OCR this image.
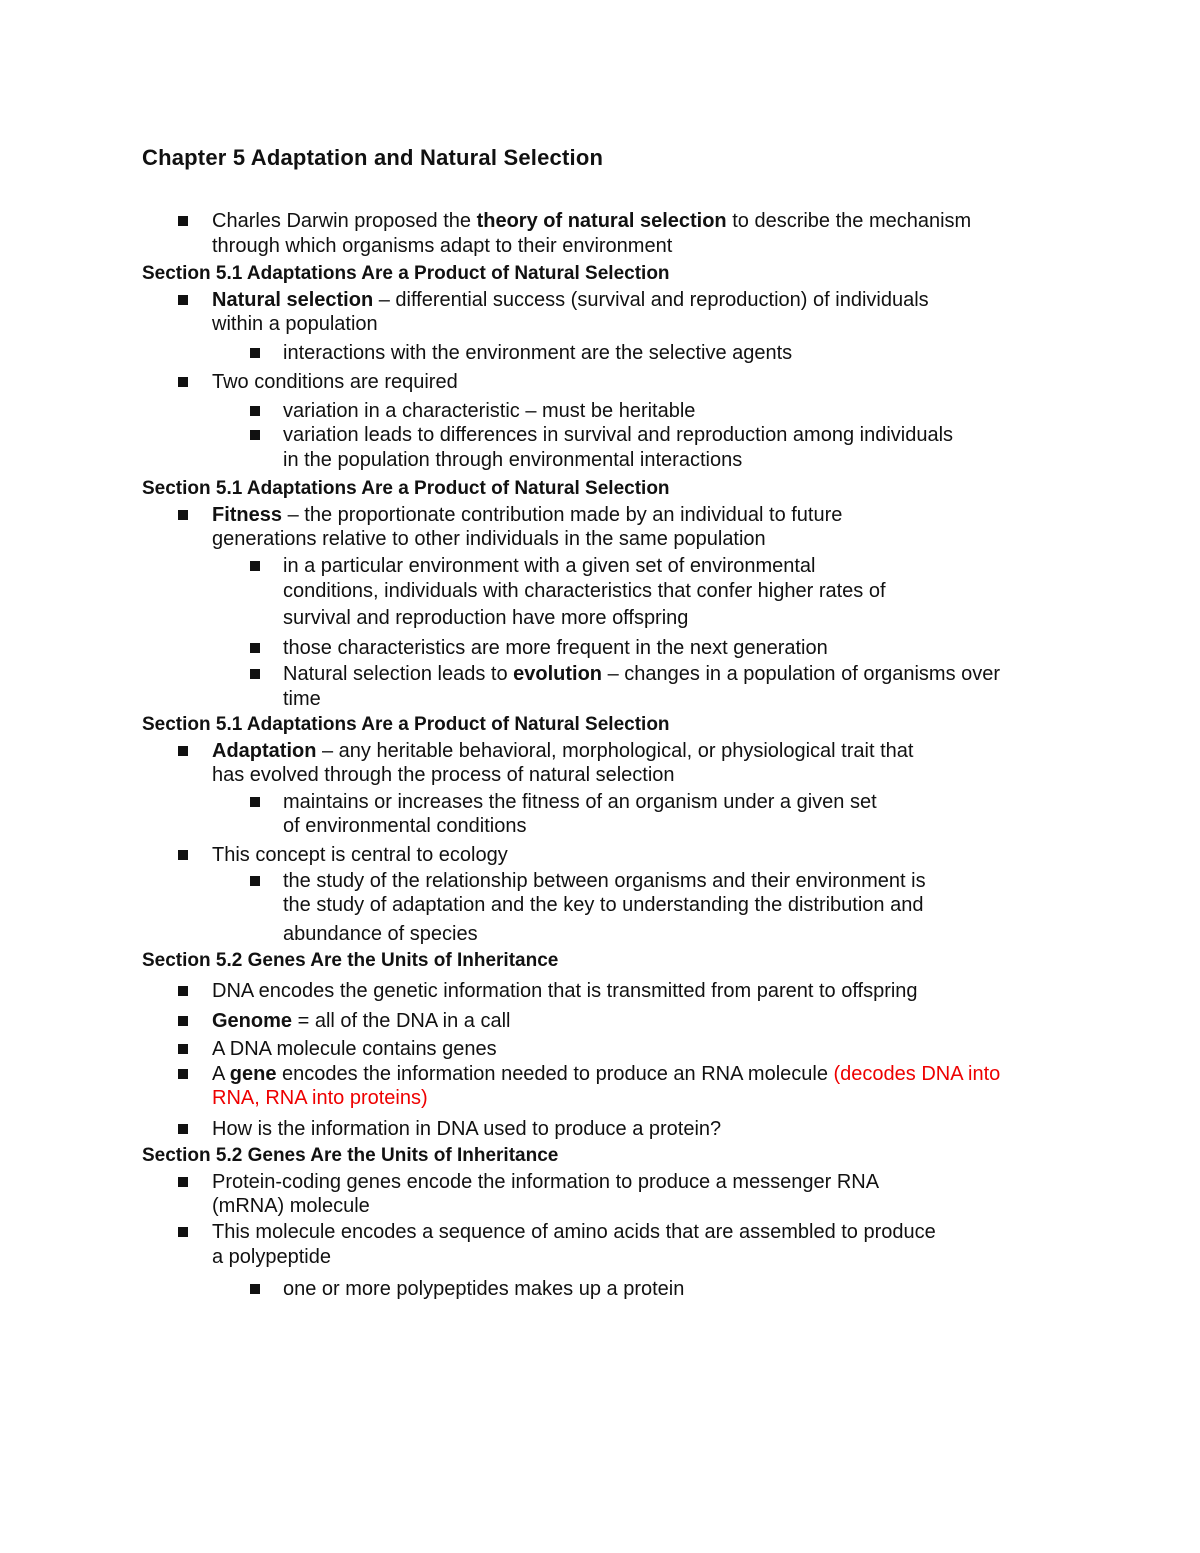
Chapter 5 Adaptation and Natural Selection
Charles Darwin proposed the theory of natural selection to describe the mechanism
through which organisms adapt to their environment
Section 5.1 Adaptations Are a Product of Natural Selection
Natural selection – differential success (survival and reproduction) of individuals
within a population
interactions with the environment are the selective agents
Two conditions are required
variation in a characteristic – must be heritable
variation leads to differences in survival and reproduction among individuals
in the population through environmental interactions
Section 5.1 Adaptations Are a Product of Natural Selection
Fitness – the proportionate contribution made by an individual to future
generations relative to other individuals in the same population
in a particular environment with a given set of environmental
conditions, individuals with characteristics that confer higher rates of
survival and reproduction have more offspring
those characteristics are more frequent in the next generation
Natural selection leads to evolution – changes in a population of organisms over
time
Section 5.1 Adaptations Are a Product of Natural Selection
Adaptation – any heritable behavioral, morphological, or physiological trait that
has evolved through the process of natural selection
maintains or increases the fitness of an organism under a given set
of environmental conditions
This concept is central to ecology
the study of the relationship between organisms and their environment is
the study of adaptation and the key to understanding the distribution and
abundance of species
Section 5.2 Genes Are the Units of Inheritance
DNA encodes the genetic information that is transmitted from parent to offspring
Genome = all of the DNA in a call
A DNA molecule contains genes
A gene encodes the information needed to produce an RNA molecule (decodes DNA into
RNA, RNA into proteins)
How is the information in DNA used to produce a protein?
Section 5.2 Genes Are the Units of Inheritance
Protein-coding genes encode the information to produce a messenger RNA
(mRNA) molecule
This molecule encodes a sequence of amino acids that are assembled to produce
a polypeptide
one or more polypeptides makes up a protein
